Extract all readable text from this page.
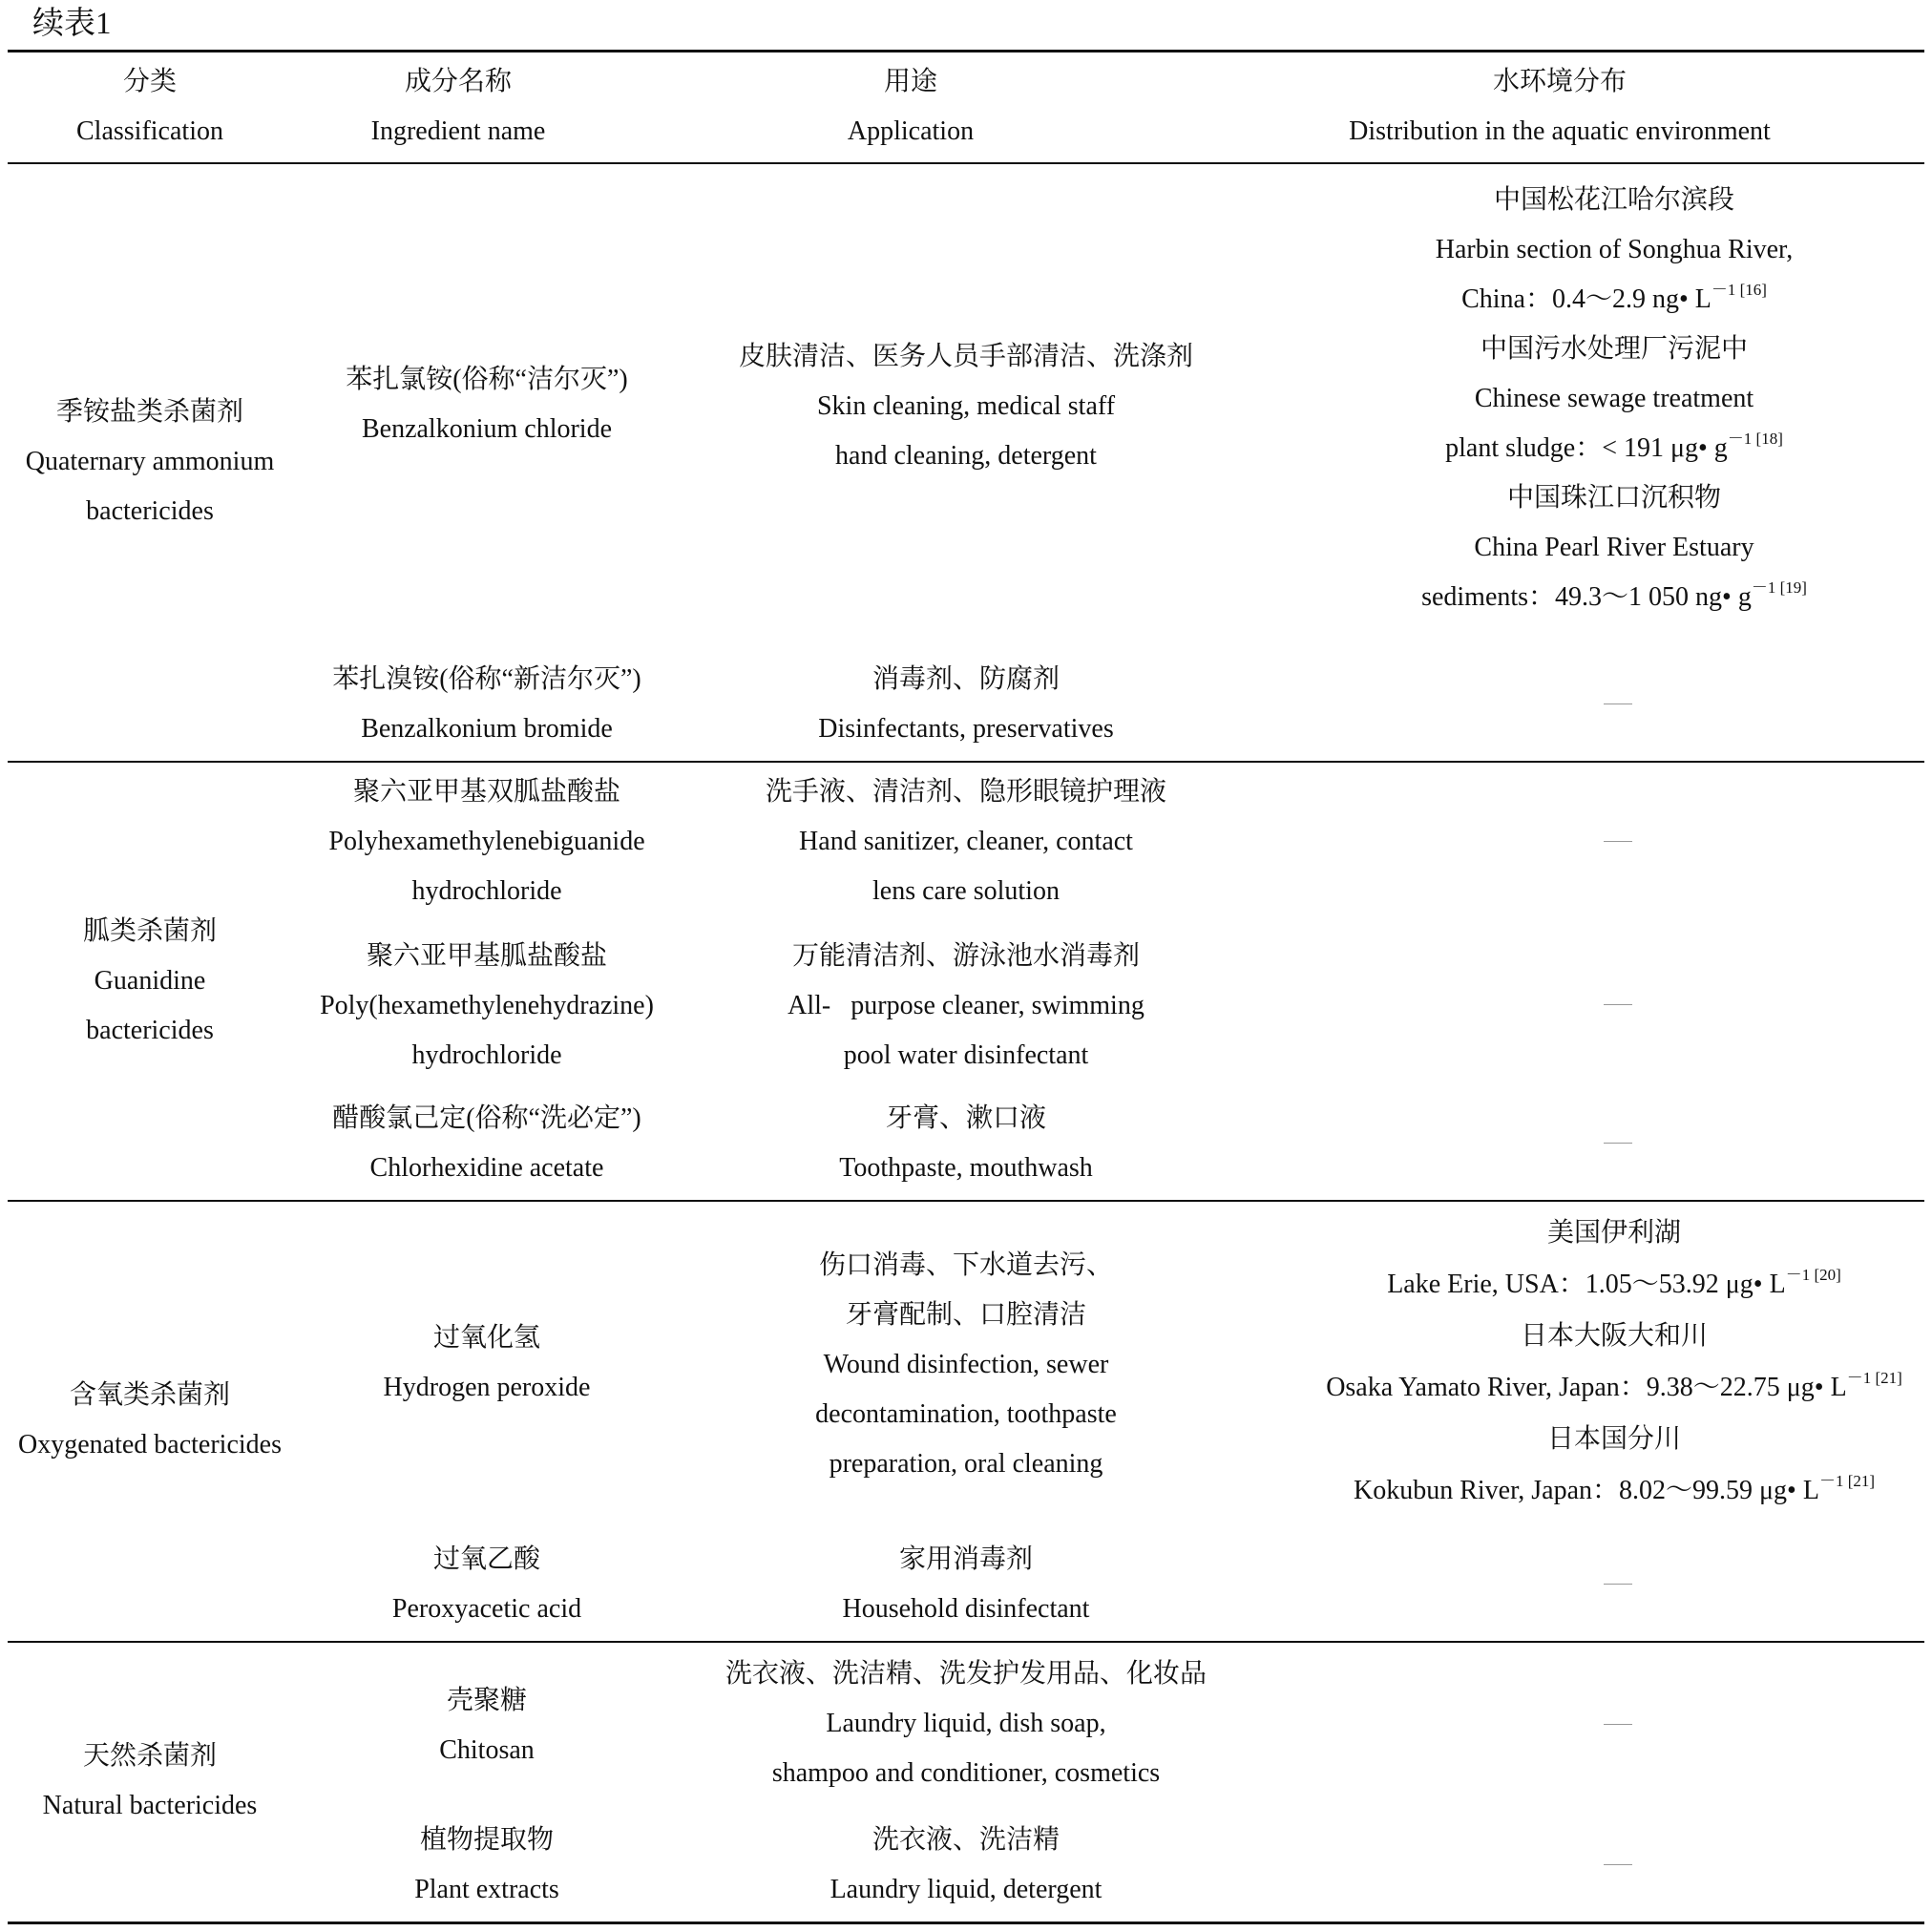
续表1
分类
Classification
成分名称
Ingredient name
用途
Application
水环境分布
Distribution in the aquatic environment
季铵盐类杀菌剂
Quaternary ammonium
bactericides
苯扎氯铵(俗称“洁尔灭”)
Benzalkonium chloride
皮肤清洁、医务人员手部清洁、洗涤剂
Skin cleaning, medical staff
hand cleaning, detergent
中国松花江哈尔滨段
Harbin section of Songhua River,
China：0.4～2.9 ng• $L^{-1 [16]}$
中国污水处理厂污泥中
Chinese sewage treatment
plant sludge：< 191 μg• $g^{-1 [18]}$
中国珠江口沉积物
China Pearl River Estuary
sediments：49.3～1 050 ng• $g^{-1 [19]}$
苯扎溴铵(俗称“新洁尔灭”)
Benzalkonium bromide
消毒剂、防腐剂
Disinfectants, preservatives
胍类杀菌剂
Guanidine
bactericides
聚六亚甲基双胍盐酸盐
Polyhexamethylenebiguanide
hydrochloride
洗手液、清洁剂、隐形眼镜护理液
Hand sanitizer, cleaner, contact
lens care solution
聚六亚甲基胍盐酸盐
Poly(hexamethylenehydrazine)
hydrochloride
万能清洁剂、游泳池水消毒剂
All-   purpose cleaner, swimming
pool water disinfectant
醋酸氯己定(俗称“洗必定”)
Chlorhexidine acetate
牙膏、漱口液
Toothpaste, mouthwash
含氧类杀菌剂
Oxygenated bactericides
过氧化氢
Hydrogen peroxide
伤口消毒、下水道去污、
牙膏配制、口腔清洁
Wound disinfection, sewer
decontamination, toothpaste
preparation, oral cleaning
美国伊利湖
Lake Erie, USA：1.05～53.92 μg• $L^{-1 [20]}$
日本大阪大和川
Osaka Yamato River, Japan：9.38～22.75 μg• $L^{-1 [21]}$
日本国分川
Kokubun River, Japan：8.02～99.59 μg• $L^{-1 [21]}$
过氧乙酸
Peroxyacetic acid
家用消毒剂
Household disinfectant
天然杀菌剂
Natural bactericides
壳聚糖
Chitosan
洗衣液、洗洁精、洗发护发用品、化妆品
Laundry liquid, dish soap,
shampoo and conditioner, cosmetics
植物提取物
Plant extracts
洗衣液、洗洁精
Laundry liquid, detergent
